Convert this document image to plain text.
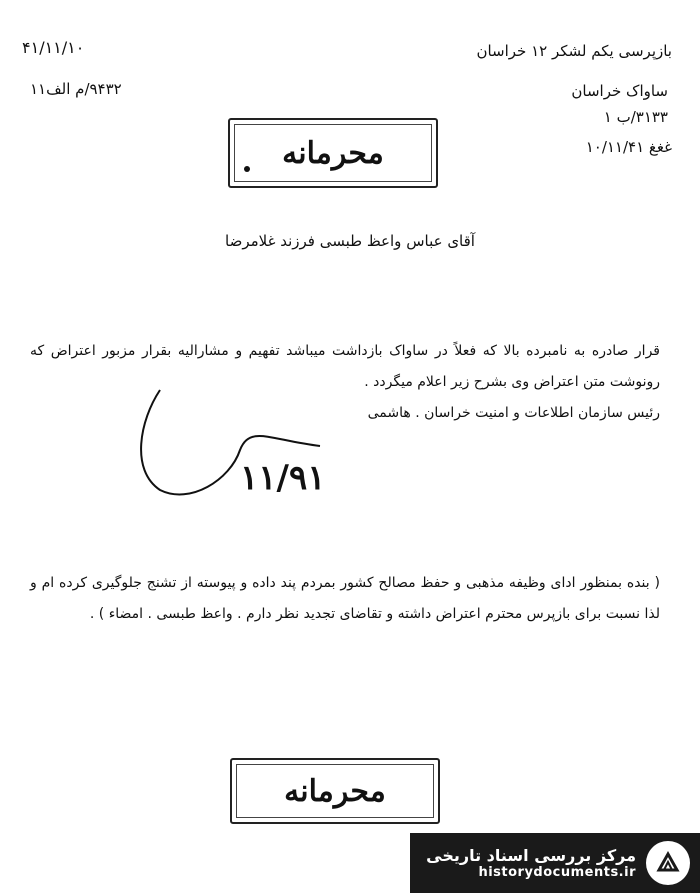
۴۱/۱۱/۱۰
۹۴۳۲/م الف۱۱
بازپرسی یکم لشکر ۱۲ خراسان
ساواک خراسان
۳۱۳۳/ب ۱
غغغ ۱۰/۱۱/۴۱
محرمانه
آقای عباس واعظ طبسی فرزند غلامرضا
قرار صادره به نامبرده بالا که فعلاً در ساواک بازداشت میباشد تفهیم و مشارالیه بقرار مزبور اعتراض که رونوشت متن اعتراض وی بشرح زیر اعلام میگردد .
رئیس سازمان اطلاعات و امنیت خراسان . هاشمی
۱۱/۹۱
( بنده بمنظور ادای وظیفه مذهبی و حفظ مصالح کشور بمردم پند داده و پیوسته از تشنج جلوگیری کرده ام و لذا نسبت برای بازپرس محترم اعتراض داشته و تقاضای تجدید نظر دارم . واعظ طبسی . امضاء ) .
محرمانه
مرکز بررسی اسناد تاریخی
historydocuments.ir
